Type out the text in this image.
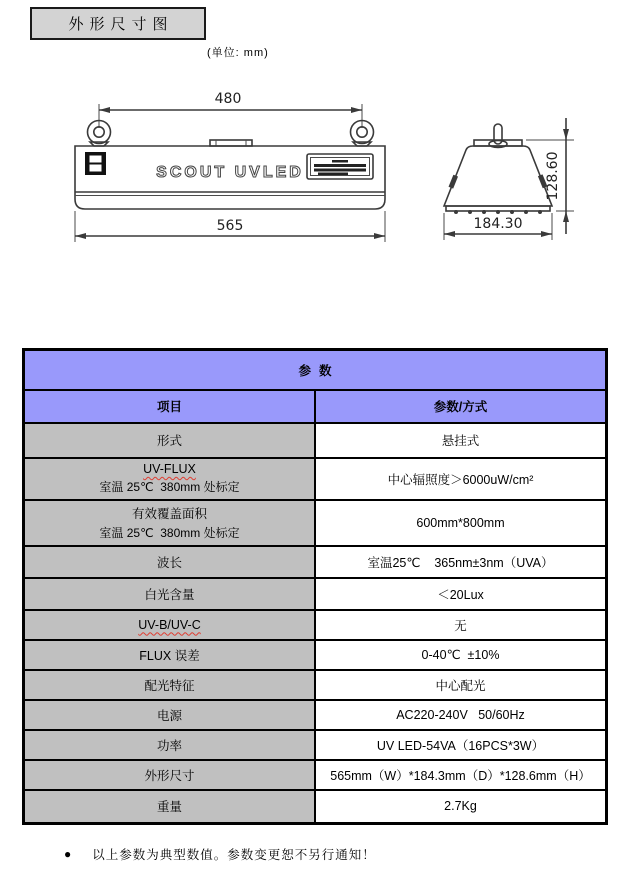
外形尺寸图
(单位: mm)
480
SCOUT UVLED
565	184.30
128.60
参数	
项目	参数/方式
形式	悬挂式
UV-FLUX
室温 25℃  380mm 处标定	中心辐照度＞6000uW/cm²
有效覆盖面积
室温 25℃  380mm 处标定	600mm*800mm
波长	室温25℃    365nm±3nm（UVA）
白光含量	＜20Lux
UV-B/UV-C	无
FLUX 误差	0-40℃  ±10%
配光特征	中心配光
电源	AC220-240V   50/60Hz
功率	UV LED-54VA（16PCS*3W）
外形尺寸	565mm（W）*184.3mm（D）*128.6mm（H）
重量	2.7Kg
● 以上参数为典型数值。参数变更恕不另行通知！
